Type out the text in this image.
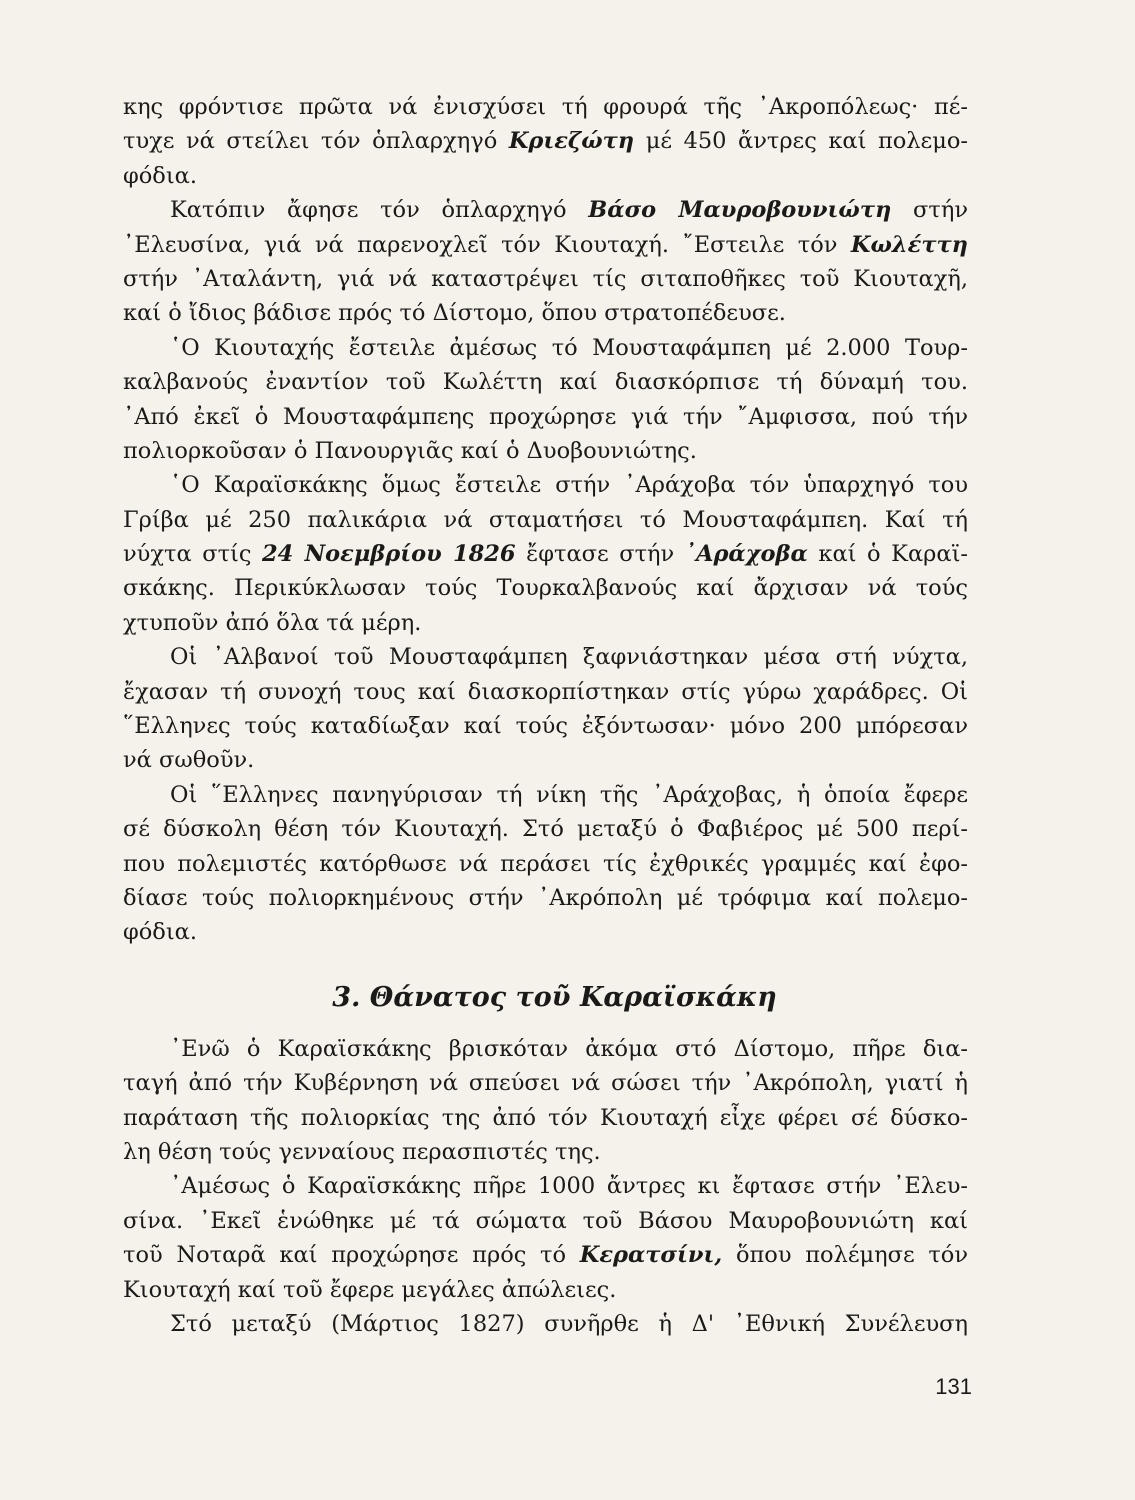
κης φρόντισε πρῶτα νά ἐνισχύσει τή φρουρά τῆς ᾿Ακροπόλεως· πέ-
τυχε νά στείλει τόν ὁπλαρχηγό Κριεζώτη μέ 450 ἄντρες καί πολεμο-
φόδια.
Κατόπιν ἄφησε τόν ὁπλαρχηγό Βάσο Μαυροβουνιώτη στήν
᾿Ελευσίνα, γιά νά παρενοχλεῖ τόν Κιουταχή. ῎Εστειλε τόν Κωλέττη
στήν ᾿Αταλάντη, γιά νά καταστρέψει τίς σιταποθῆκες τοῦ Κιουταχῆ,
καί ὁ ἴδιος βάδισε πρός τό Δίστομο, ὅπου στρατοπέδευσε.
῾Ο Κιουταχής ἔστειλε ἀμέσως τό Μουσταφάμπεη μέ 2.000 Τουρ-
καλβανούς ἐναντίον τοῦ Κωλέττη καί διασκόρπισε τή δύναμή του.
᾿Από ἐκεῖ ὁ Μουσταφάμπεης προχώρησε γιά τήν ῎Αμφισσα, πού τήν
πολιορκοῦσαν ὁ Πανουργιᾶς καί ὁ Δυοβουνιώτης.
῾Ο Καραϊσκάκης ὅμως ἔστειλε στήν ᾿Αράχοβα τόν ὑπαρχηγό του
Γρίβα μέ 250 παλικάρια νά σταματήσει τό Μουσταφάμπεη. Καί τή
νύχτα στίς 24 Νοεμβρίου 1826 ἔφτασε στήν ᾿Αράχοβα καί ὁ Καραϊ-
σκάκης. Περικύκλωσαν τούς Τουρκαλβανούς καί ἄρχισαν νά τούς
χτυποῦν ἀπό ὅλα τά μέρη.
Οἱ ᾿Αλβανοί τοῦ Μουσταφάμπεη ξαφνιάστηκαν μέσα στή νύχτα,
ἔχασαν τή συνοχή τους καί διασκορπίστηκαν στίς γύρω χαράδρες. Οἱ
῞Ελληνες τούς καταδίωξαν καί τούς ἐξόντωσαν· μόνο 200 μπόρεσαν
νά σωθοῦν.
Οἱ ῞Ελληνες πανηγύρισαν τή νίκη τῆς ᾿Αράχοβας, ἡ ὁποία ἔφερε
σέ δύσκολη θέση τόν Κιουταχή. Στό μεταξύ ὁ Φαβιέρος μέ 500 περί-
που πολεμιστές κατόρθωσε νά περάσει τίς ἐχθρικές γραμμές καί ἐφο-
δίασε τούς πολιορκημένους στήν ᾿Ακρόπολη μέ τρόφιμα καί πολεμο-
φόδια.
3. Θάνατος τοῦ Καραϊσκάκη
᾿Ενῶ ὁ Καραϊσκάκης βρισκόταν ἀκόμα στό Δίστομο, πῆρε δια-
ταγή ἀπό τήν Κυβέρνηση νά σπεύσει νά σώσει τήν ᾿Ακρόπολη, γιατί ἡ
παράταση τῆς πολιορκίας της ἀπό τόν Κιουταχή εἶχε φέρει σέ δύσκο-
λη θέση τούς γενναίους περασπιστές της.
᾿Αμέσως ὁ Καραϊσκάκης πῆρε 1000 ἄντρες κι ἔφτασε στήν ᾿Ελευ-
σίνα. ᾿Εκεῖ ἑνώθηκε μέ τά σώματα τοῦ Βάσου Μαυροβουνιώτη καί
τοῦ Νοταρᾶ καί προχώρησε πρός τό Κερατσίνι, ὅπου πολέμησε τόν
Κιουταχή καί τοῦ ἔφερε μεγάλες ἀπώλειες.
Στό μεταξύ (Μάρτιος 1827) συνῆρθε ἡ Δ' ᾿Εθνική Συνέλευση
131
